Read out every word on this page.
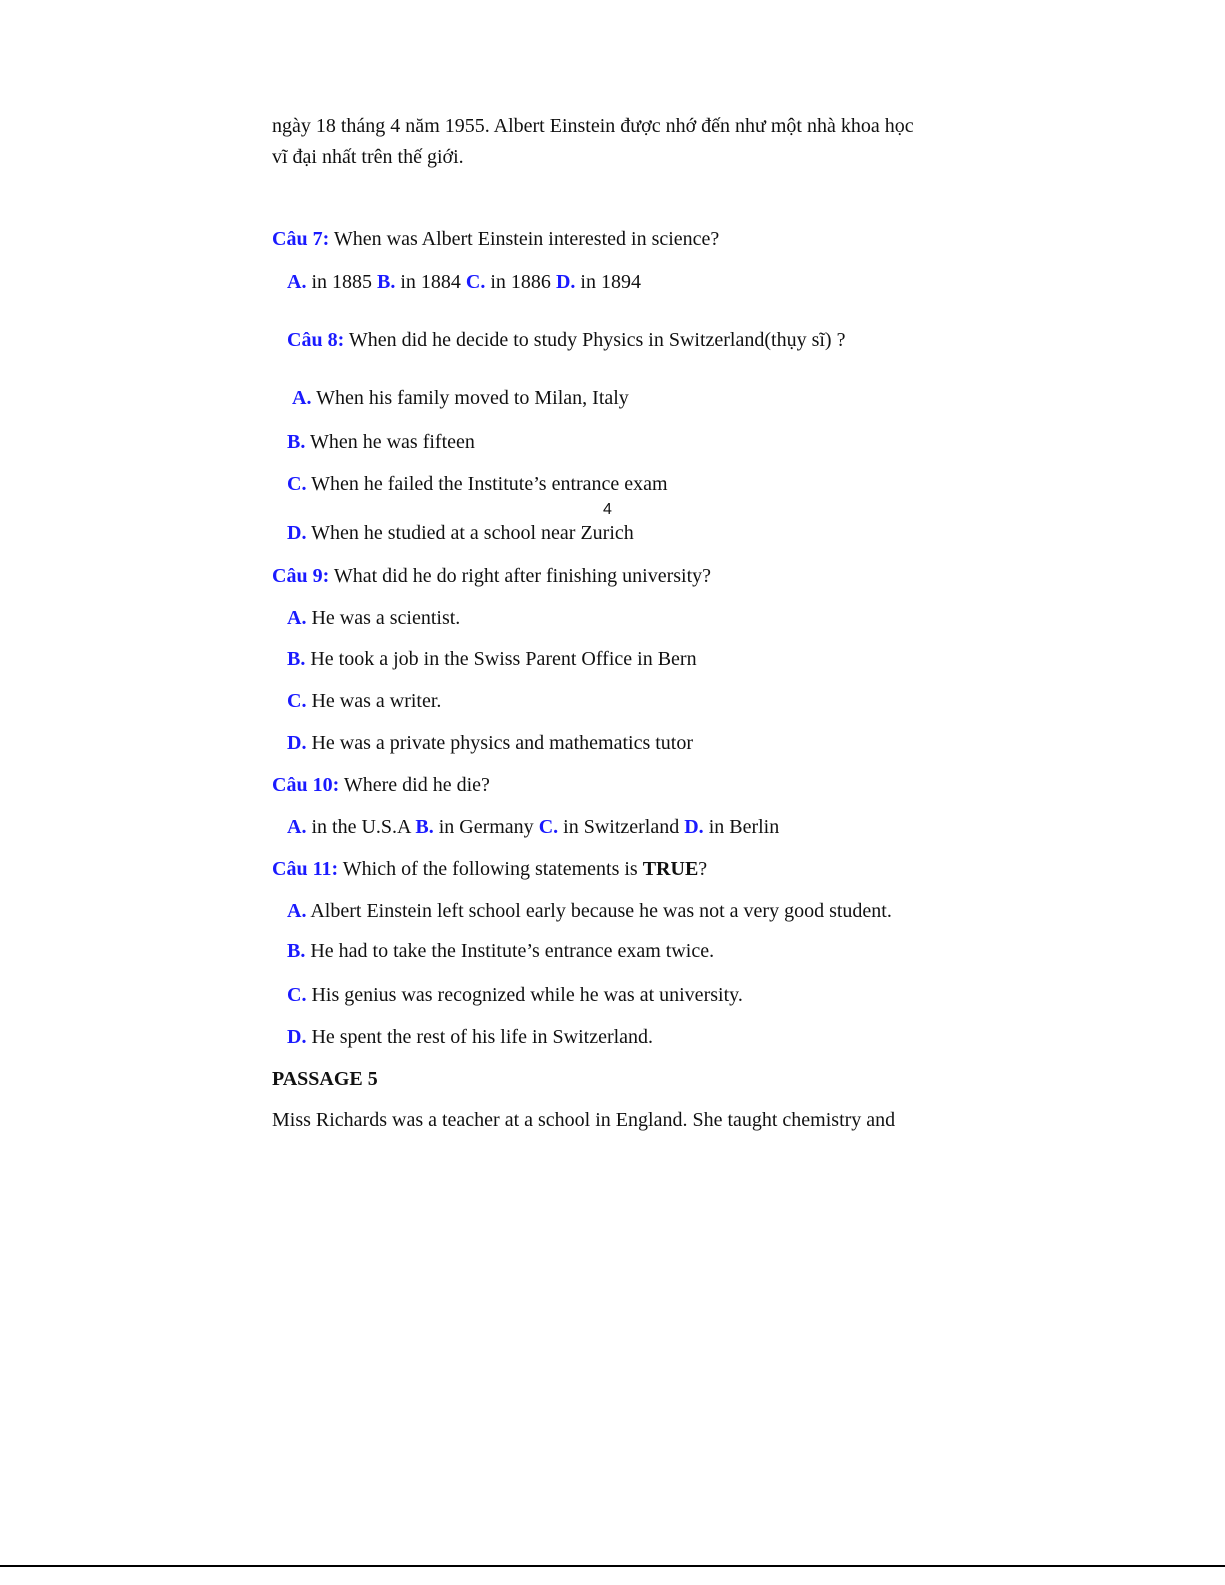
ngày 18 tháng 4 năm 1955. Albert Einstein được nhớ đến như một nhà khoa học
vĩ đại nhất trên thế giới.
Câu 7: When was Albert Einstein interested in science?
A. in 1885 B. in 1884 C. in 1886 D. in 1894
Câu 8: When did he decide to study Physics in Switzerland(thụy sĩ) ?
A. When his family moved to Milan, Italy
B. When he was fifteen
C. When he failed the Institute’s entrance exam
4
D. When he studied at a school near Zurich
Câu 9: What did he do right after finishing university?
A. He was a scientist.
B. He took a job in the Swiss Parent Office in Bern
C. He was a writer.
D. He was a private physics and mathematics tutor
Câu 10: Where did he die?
A. in the U.S.A B. in Germany C. in Switzerland D. in Berlin
Câu 11: Which of the following statements is TRUE?
A. Albert Einstein left school early because he was not a very good student.
B. He had to take the Institute’s entrance exam twice.
C. His genius was recognized while he was at university.
D. He spent the rest of his life in Switzerland.
PASSAGE 5
Miss Richards was a teacher at a school in England. She taught chemistry and
